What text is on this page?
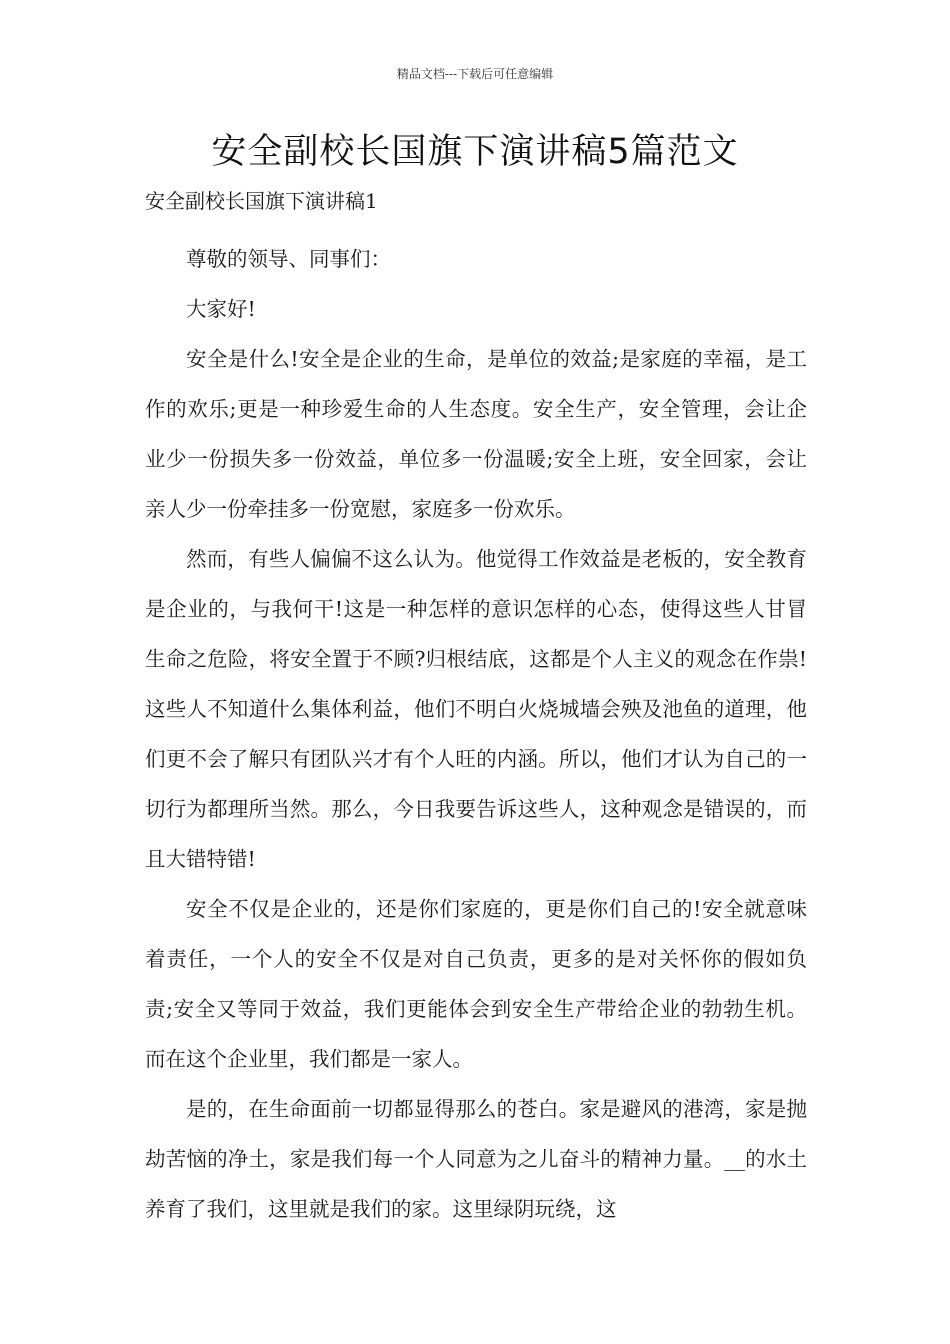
精品文档---下载后可任意编辑
安全副校长国旗下演讲稿5篇范文
安全副校长国旗下演讲稿1

尊敬的领导、同事们：

大家好!

安全是什么!安全是企业的生命，是单位的效益;是家庭的幸福，是工作的欢乐;更是一种珍爱生命的人生态度。安全生产，安全管理，会让企业少一份损失多一份效益，单位多一份温暖;安全上班，安全回家，会让亲人少一份牵挂多一份宽慰，家庭多一份欢乐。

然而，有些人偏偏不这么认为。他觉得工作效益是老板的，安全教育是企业的，与我何干!这是一种怎样的意识怎样的心态，使得这些人甘冒生命之危险，将安全置于不顾?归根结底，这都是个人主义的观念在作祟!这些人不知道什么集体利益，他们不明白火烧城墙会殃及池鱼的道理，他们更不会了解只有团队兴才有个人旺的内涵。所以，他们才认为自己的一切行为都理所当然。那么，今日我要告诉这些人，这种观念是错误的，而且大错特错!

安全不仅是企业的，还是你们家庭的，更是你们自己的!安全就意味着责任，一个人的安全不仅是对自己负责，更多的是对关怀你的假如负责;安全又等同于效益，我们更能体会到安全生产带给企业的勃勃生机。而在这个企业里，我们都是一家人。

是的，在生命面前一切都显得那么的苍白。家是避风的港湾，家是抛劫苦恼的净土，家是我们每一个人同意为之儿奋斗的精神力量。__的水土养育了我们，这里就是我们的家。这里绿阴玩绕，这
